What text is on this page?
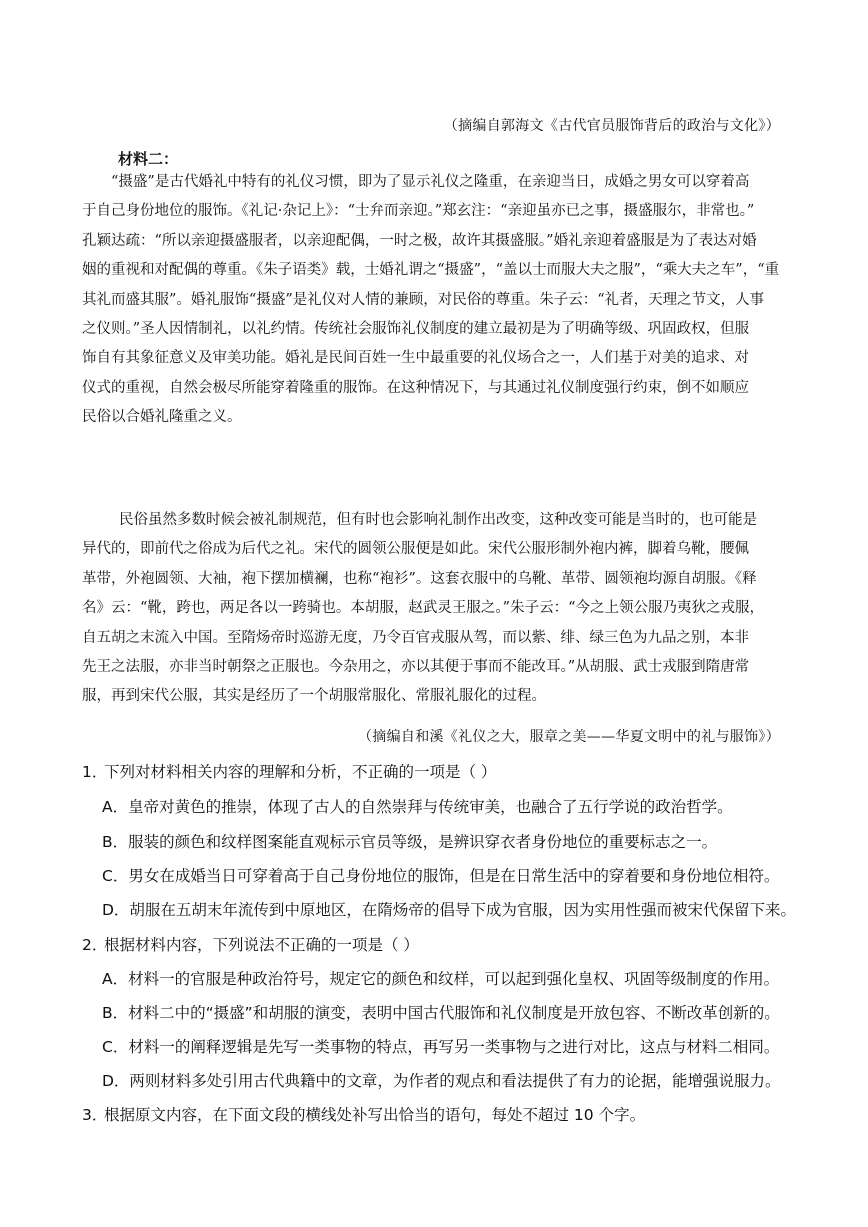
（摘编自郭海文《古代官员服饰背后的政治与文化》）
材料二：

“摄盛”是古代婚礼中特有的礼仪习惯，即为了显示礼仪之隆重，在亲迎当日，成婚之男女可以穿着高

于自己身份地位的服饰。《礼记·杂记上》：“士弁而亲迎。”郑玄注：“亲迎虽亦已之事，摄盛服尔，非常也。”

孔颖达疏：“所以亲迎摄盛服者，以亲迎配偶，一时之极，故许其摄盛服。”婚礼亲迎着盛服是为了表达对婚

姻的重视和对配偶的尊重。《朱子语类》载，士婚礼谓之“摄盛”，“盖以士而服大夫之服”，“乘大夫之车”，“重

其礼而盛其服”。婚礼服饰“摄盛”是礼仪对人情的兼顾，对民俗的尊重。朱子云：“礼者，天理之节文，人事

之仪则。”圣人因情制礼，以礼约情。传统社会服饰礼仪制度的建立最初是为了明确等级、巩固政权，但服

饰自有其象征意义及审美功能。婚礼是民间百姓一生中最重要的礼仪场合之一，人们基于对美的追求、对

仪式的重视，自然会极尽所能穿着隆重的服饰。在这种情况下，与其通过礼仪制度强行约束，倒不如顺应

民俗以合婚礼隆重之义。

民俗虽然多数时候会被礼制规范，但有时也会影响礼制作出改变，这种改变可能是当时的，也可能是

异代的，即前代之俗成为后代之礼。宋代的圆领公服便是如此。宋代公服形制外袍内裤，脚着乌靴，腰佩

革带，外袍圆领、大袖，袍下摆加横襕，也称“袍衫”。这套衣服中的乌靴、革带、圆领袍均源自胡服。《释

名》云：“靴，跨也，两足各以一跨骑也。本胡服，赵武灵王服之。”朱子云：“今之上领公服乃夷狄之戎服，

自五胡之末流入中国。至隋炀帝时巡游无度，乃令百官戎服从驾，而以紫、绯、绿三色为九品之别，本非

先王之法服，亦非当时朝祭之正服也。今杂用之，亦以其便于事而不能改耳。”从胡服、武士戎服到隋唐常

服，再到宋代公服，其实是经历了一个胡服常服化、常服礼服化的过程。

（摘编自和溪《礼仪之大，服章之美——华夏文明中的礼与服饰》）
1．
下列对材料相关内容的理解和分析，不正确的一项是（ ）
A．皇帝对黄色的推崇，体现了古人的自然崇拜与传统审美，也融合了五行学说的政治哲学。
B．服装的颜色和纹样图案能直观标示官员等级，是辨识穿衣者身份地位的重要标志之一。
C．男女在成婚当日可穿着高于自己身份地位的服饰，但是在日常生活中的穿着要和身份地位相符。
D．胡服在五胡末年流传到中原地区，在隋炀帝的倡导下成为官服，因为实用性强而被宋代保留下来。
2．
根据材料内容，下列说法不正确的一项是（ ）
A．材料一的官服是种政治符号，规定它的颜色和纹样，可以起到强化皇权、巩固等级制度的作用。
B．材料二中的“摄盛”和胡服的演变，表明中国古代服饰和礼仪制度是开放包容、不断改革创新的。
C．材料一的阐释逻辑是先写一类事物的特点，再写另一类事物与之进行对比，这点与材料二相同。
D．两则材料多处引用古代典籍中的文章，为作者的观点和看法提供了有力的论据，能增强说服力。
3．
根据原文内容，在下面文段的横线处补写出恰当的语句，每处不超过 10 个字。
